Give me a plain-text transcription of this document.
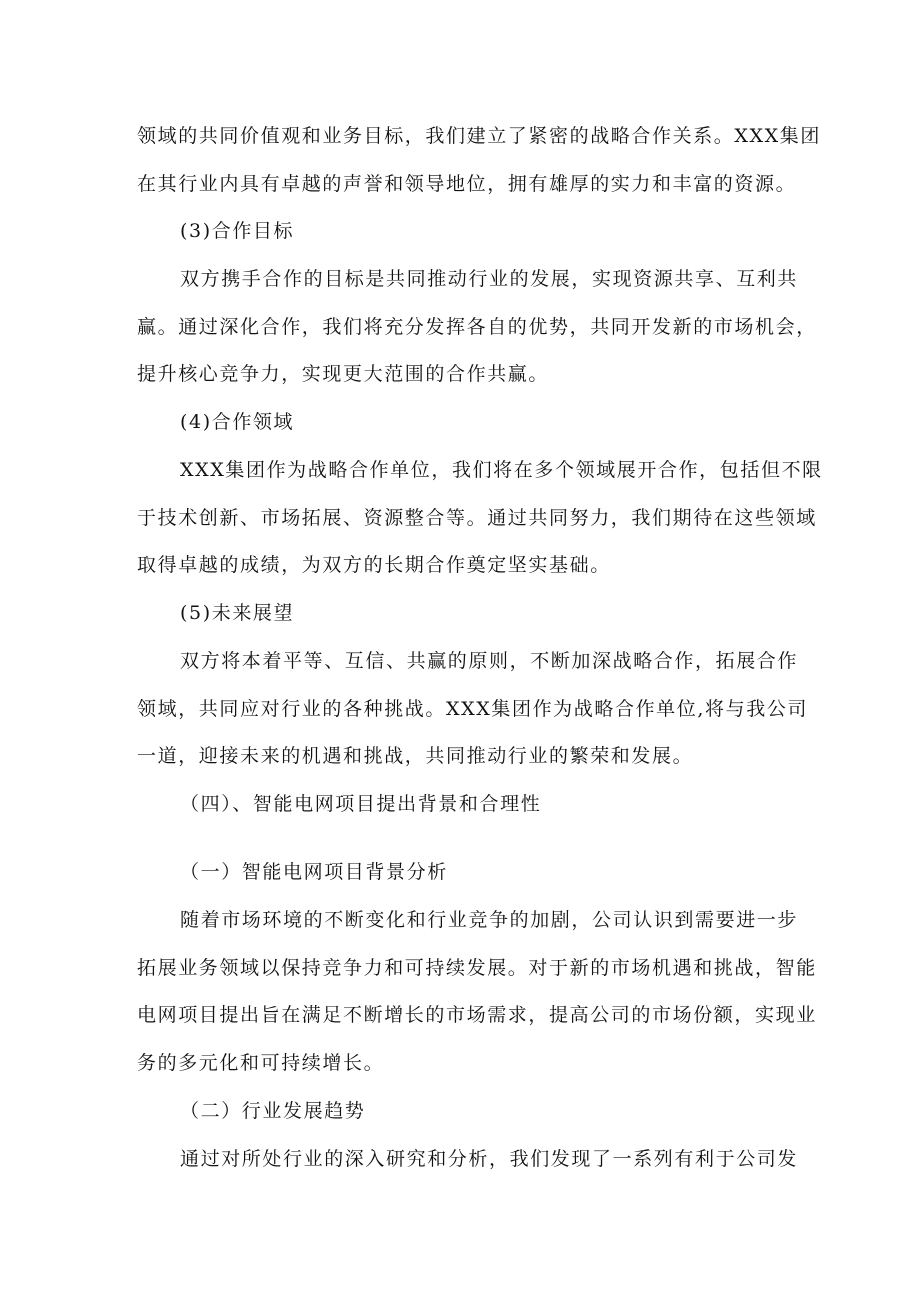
领域的共同价值观和业务目标，我们建立了紧密的战略合作关系。XXX集团
在其行业内具有卓越的声誉和领导地位，拥有雄厚的实力和丰富的资源。
(3)合作目标
双方携手合作的目标是共同推动行业的发展，实现资源共享、互利共
赢。通过深化合作，我们将充分发挥各自的优势，共同开发新的市场机会，
提升核心竞争力，实现更大范围的合作共赢。
(4)合作领域
XXX集团作为战略合作单位，我们将在多个领域展开合作，包括但不限
于技术创新、市场拓展、资源整合等。通过共同努力，我们期待在这些领域
取得卓越的成绩，为双方的长期合作奠定坚实基础。
(5)未来展望
双方将本着平等、互信、共赢的原则，不断加深战略合作，拓展合作
领域，共同应对行业的各种挑战。XXX集团作为战略合作单位,将与我公司
一道，迎接未来的机遇和挑战，共同推动行业的繁荣和发展。
（四）、智能电网项目提出背景和合理性
（一）智能电网项目背景分析
随着市场环境的不断变化和行业竞争的加剧，公司认识到需要进一步
拓展业务领域以保持竞争力和可持续发展。对于新的市场机遇和挑战，智能
电网项目提出旨在满足不断增长的市场需求，提高公司的市场份额，实现业
务的多元化和可持续增长。
（二）行业发展趋势
通过对所处行业的深入研究和分析，我们发现了一系列有利于公司发
